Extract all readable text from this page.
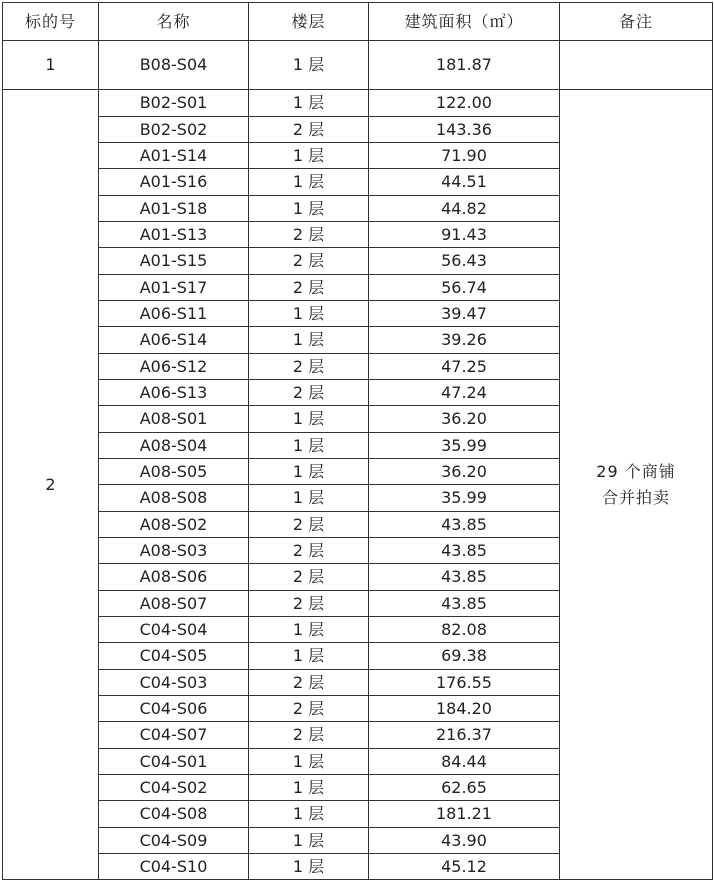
标的号	名称	楼层	建筑面积（㎡）	备注
1	B08-S04	1 层	181.87	
2	B02-S01	1 层	122.00	29 个商铺
合并拍卖

	B02-S02	2 层	143.36	
	A01-S14	1 层	71.90	
	A01-S16	1 层	44.51	
	A01-S18	1 层	44.82	
	A01-S13	2 层	91.43	
	A01-S15	2 层	56.43	
	A01-S17	2 层	56.74	
	A06-S11	1 层	39.47	
	A06-S14	1 层	39.26	
	A06-S12	2 层	47.25	
	A06-S13	2 层	47.24	
	A08-S01	1 层	36.20	
	A08-S04	1 层	35.99	
	A08-S05	1 层	36.20	
	A08-S08	1 层	35.99	
	A08-S02	2 层	43.85	
	A08-S03	2 层	43.85	
	A08-S06	2 层	43.85	
	A08-S07	2 层	43.85	
	C04-S04	1 层	82.08	
	C04-S05	1 层	69.38	
	C04-S03	2 层	176.55	
	C04-S06	2 层	184.20	
	C04-S07	2 层	216.37	
	C04-S01	1 层	84.44	
	C04-S02	1 层	62.65	
	C04-S08	1 层	181.21	
	C04-S09	1 层	43.90	
	C04-S10	1 层	45.12	
